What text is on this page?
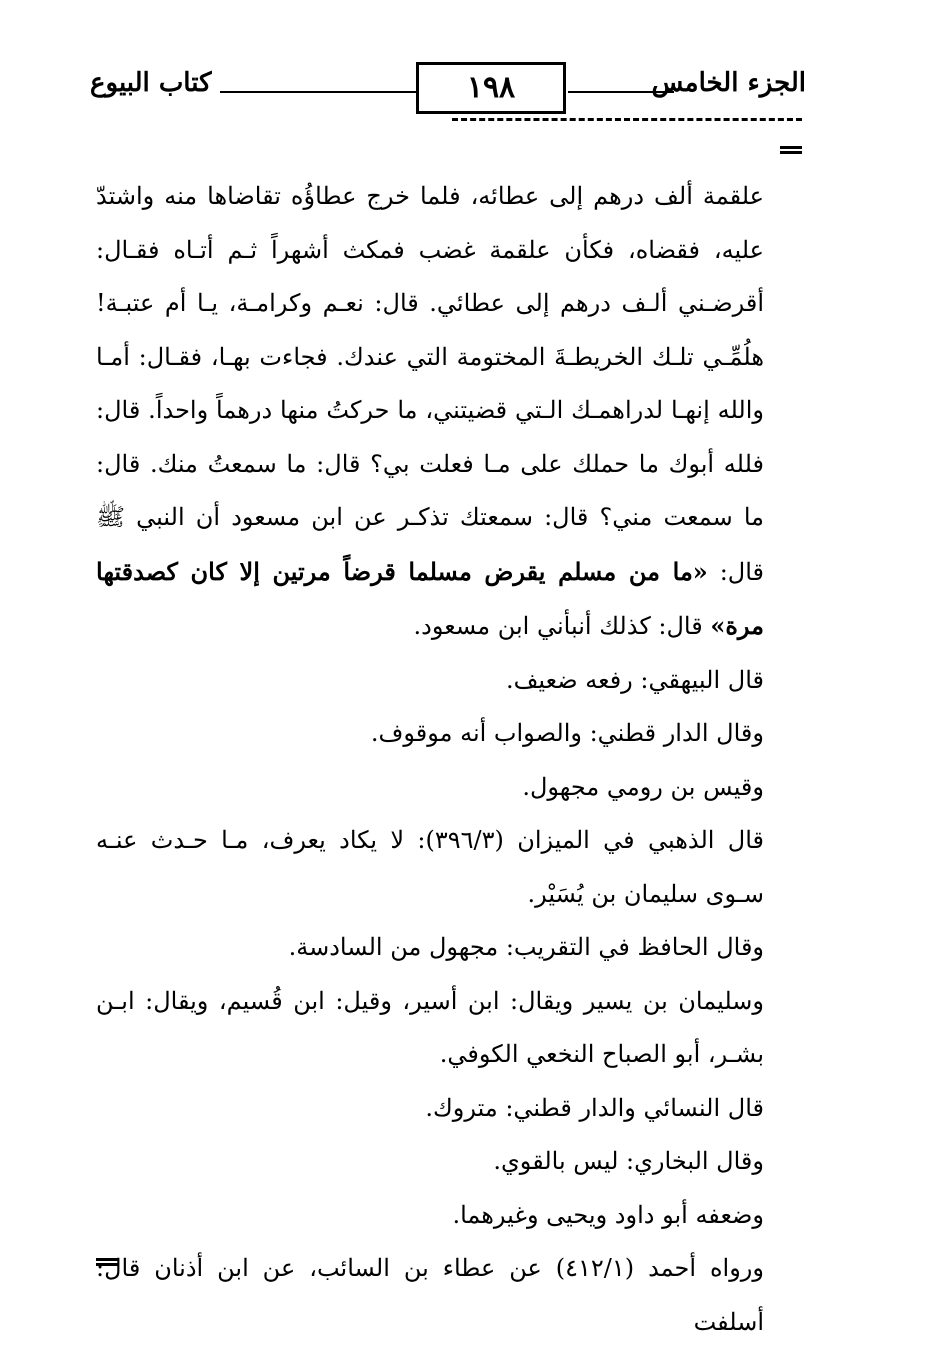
الجزء الخامس
١٩٨
كتاب البيوع

علقمة ألف درهم إلى عطائه، فلما خرج عطاؤُه تقاضاها منه واشتدّ عليه، فقضاه، فكأن علقمة غضب فمكث أشهراً ثـم أتـاه فقـال: أقرضـني ألـف درهم إلى عطائي. قال: نعـم وكرامـة، يـا أم عتبـة! هلُمِّـي تلـك الخريطـةَ المختومة التي عندك. فجاءت بهـا، فقـال: أمـا والله إنهـا لدراهمـك الـتي قضيتني، ما حركتُ منها درهماً واحداً. قال: فلله أبوك ما حملك على مـا فعلت بي؟ قال: ما سمعتُ منك. قال: ما سمعت مني؟ قال: سمعتك تذكـر عن ابن مسعود أن النبي ﷺ قال: «ما من مسلم يقرض مسلما قرضاً مرتين إلا كان كصدقتها مرة» قال: كذلك أنبأني ابن مسعود.

قال البيهقي: رفعه ضعيف.

وقال الدار قطني: والصواب أنه موقوف.

وقيس بن رومي مجهول.

قال الذهبي في الميزان (٣٩٦/٣): لا يكاد يعرف، مـا حـدث عنـه سـوى سليمان بن يُسَيْر.

وقال الحافظ في التقريب: مجهول من السادسة.

وسليمان بن يسير ويقال: ابن أسير، وقيل: ابن قُسيم، ويقال: ابـن بشـر، أبو الصباح النخعي الكوفي.

قال النسائي والدار قطني: متروك.

وقال البخاري: ليس بالقوي.

وضعفه أبو داود ويحيى وغيرهما.

ورواه أحمد (٤١٢/١) عن عطاء بن السائب، عن ابن أذنان قال: أسلفت
